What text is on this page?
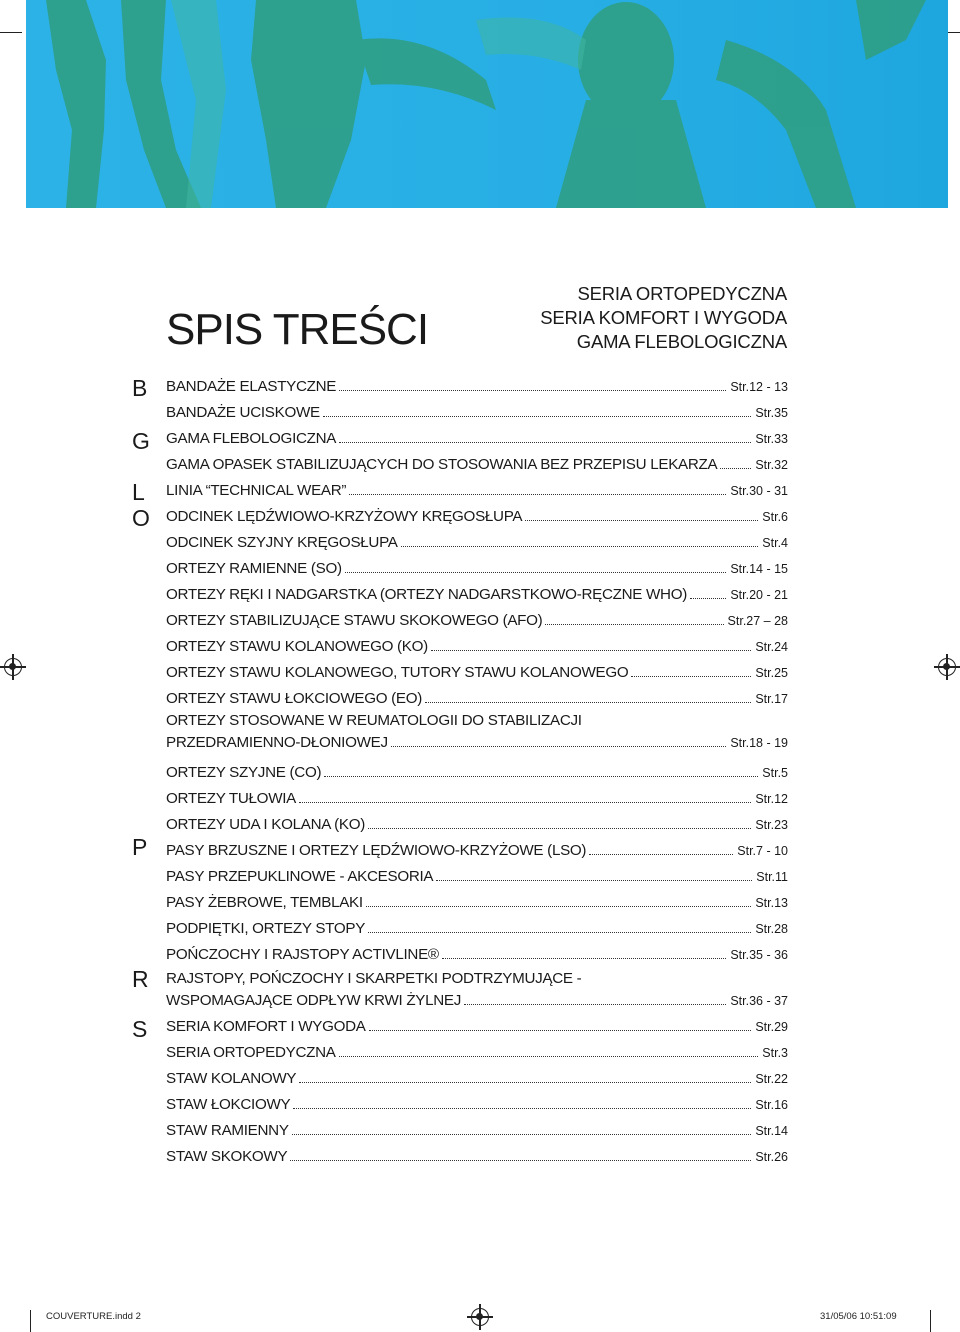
SERIA ORTOPEDYCZNA
SERIA KOMFORT I WYGODA
GAMA FLEBOLOGICZNA
SPIS TREŚCI
B
G
L
O
P
R
S
BANDAŻE ELASTYCZNE	Str.12 - 13
BANDAŻE UCISKOWE	Str.35
GAMA FLEBOLOGICZNA	Str.33
GAMA OPASEK STABILIZUJĄCYCH DO STOSOWANIA BEZ PRZEPISU LEKARZA	Str.32
LINIA “TECHNICAL WEAR”	Str.30 - 31
ODCINEK LĘDŹWIOWO-KRZYŻOWY KRĘGOSŁUPA	Str.6
ODCINEK SZYJNY KRĘGOSŁUPA	Str.4
ORTEZY RAMIENNE (SO)	Str.14 - 15
ORTEZY RĘKI I NADGARSTKA (ORTEZY NADGARSTKOWO-RĘCZNE WHO)	Str.20 - 21
ORTEZY STABILIZUJĄCE STAWU SKOKOWEGO (AFO)	Str.27 – 28
ORTEZY STAWU KOLANOWEGO (KO)	Str.24
ORTEZY STAWU KOLANOWEGO, TUTORY STAWU KOLANOWEGO	Str.25
ORTEZY STAWU ŁOKCIOWEGO (EO)	Str.17
ORTEZY STOSOWANE W REUMATOLOGII DO STABILIZACJI
PRZEDRAMIENNO-DŁONIOWEJ	Str.18 - 19
ORTEZY SZYJNE (CO)	Str.5
ORTEZY TUŁOWIA	Str.12
ORTEZY UDA I KOLANA (KO)	Str.23
PASY BRZUSZNE I ORTEZY LĘDŹWIOWO-KRZYŻOWE (LSO)	Str.7 - 10
PASY PRZEPUKLINOWE - AKCESORIA	Str.11
PASY ŻEBROWE, TEMBLAKI	Str.13
PODPIĘTKI, ORTEZY STOPY	Str.28
POŃCZOCHY I RAJSTOPY ACTIVLINE®	Str.35 - 36
RAJSTOPY, POŃCZOCHY I SKARPETKI PODTRZYMUJĄCE -
WSPOMAGAJĄCE ODPŁYW KRWI ŻYLNEJ	Str.36 - 37
SERIA KOMFORT I WYGODA	Str.29
SERIA ORTOPEDYCZNA	Str.3
STAW KOLANOWY	Str.22
STAW ŁOKCIOWY	Str.16
STAW RAMIENNY	Str.14
STAW SKOKOWY	Str.26
COUVERTURE.indd 2	31/05/06 10:51:09
